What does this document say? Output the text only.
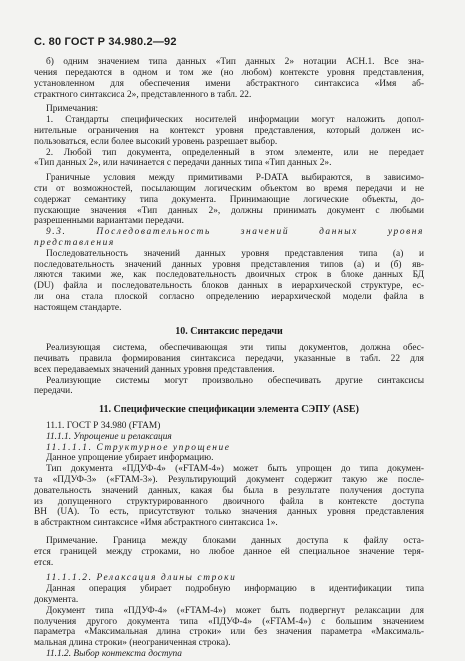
С. 80 ГОСТ Р 34.980.2—92
б) одним значением типа данных «Тип данных 2» нотации АСН.1. Все зна-
чения передаются в одном и том же (но любом) контексте уровня представления,
установленном для обеспечения имени абстрактного синтаксиса «Имя аб-
страктного синтаксиса 2», представленного в табл. 22.
Примечания:
1. Стандарты специфических носителей информации могут наложить допол-
нительные ограничения на контекст уровня представления, который должен ис-
пользоваться, если более высокий уровень разрешает выбор.
2. Любой тип документа, определенный в этом элементе, или не передает
«Тип данных 2», или начинается с передачи данных типа «Тип данных 2».
Граничные условия между примитивами P-DATA выбираются, в зависимо-
сти от возможностей, посылающим логическим объектом во время передачи и не
содержат семантику типа документа. Принимающие логические объекты, до-
пускающие значения «Тип данных 2», должны принимать документ с любыми
разрешенными вариантами передачи.
9.3. Последовательность значений данных уровня
представления
Последовательность значений данных уровня представления типа (a) и
последовательность значений данных уровня представления типов (а) и (б) яв-
ляются такими же, как последовательность двоичных строк в блоке данных БД
(DU) файла и последовательность блоков данных в иерархической структуре, ес-
ли она стала плоской согласно определению иерархической модели файла в
настоящем стандарте.
10. Синтаксис передачи
Реализующая система, обеспечивающая эти типы документов, должна обес-
печивать правила формирования синтаксиса передачи, указанные в табл. 22 для
всех передаваемых значений данных уровня представления.
Реализующие системы могут произвольно обеспечивать другие синтаксисы
передачи.
11. Специфические спецификации элемента СЭПУ (ASE)
11.1. ГОСТ Р 34.980 (FTAM)
11.1.1. Упрощение и релаксация
11.1.1.1. Структурное упрощение
Данное упрощение убирает информацию.
Тип документа «ПДУФ-4» («FTAM-4») может быть упрощен до типа докумен-
та «ПДУФ-3» («FTAM-3»). Результирующий документ содержит такую же после-
довательность значений данных, какая бы была в результате получения доступа
из допущенного структурированного двоичного файла в контексте доступа
ВН (UA). То есть, присутствуют только значения данных уровня представления
в абстрактном синтаксисе «Имя абстрактного синтаксиса 1».
Примечание. Граница между блоками данных доступа к файлу оста-
ется границей между строками, но любое данное ей специальное значение теря-
ется.
11.1.1.2. Релаксация длины строки
Данная операция убирает подробную информацию в идентификации типа
документа.
Документ типа «ПДУФ-4» («FTAM-4») может быть подвергнут релаксации для
получения другого документа типа «ПДУФ-4» («FTAM-4») с большим значением
параметра «Максимальная длина строки» или без значения параметра «Максималь-
мальная длина строки» (неограниченная строка).
11.1.2. Выбор контекста доступа
